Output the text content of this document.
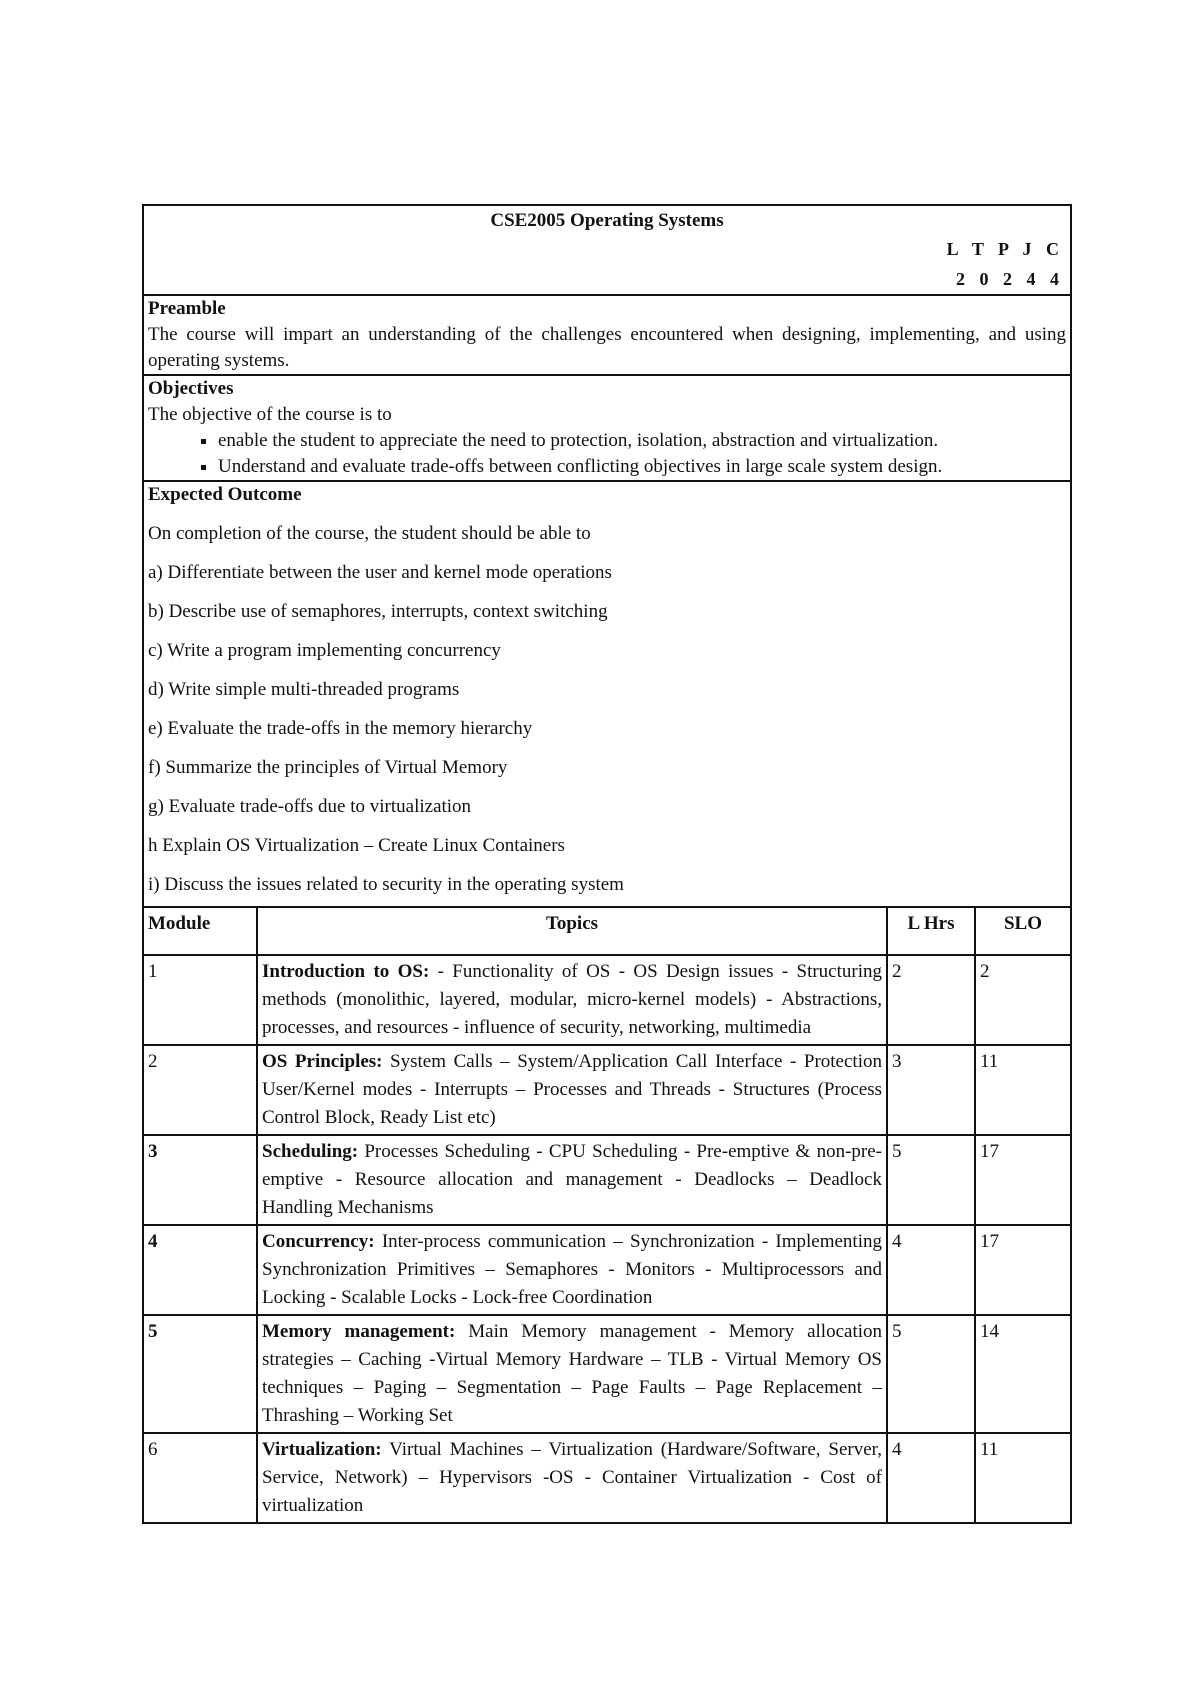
CSE2005 Operating Systems
L T P J C
2 0 2 4 4
Preamble
The course will impart an understanding of the challenges encountered when designing, implementing, and using operating systems.
Objectives
The objective of the course is to
▪ enable the student to appreciate the need to protection, isolation, abstraction and virtualization.
▪ Understand and evaluate trade-offs between conflicting objectives in large scale system design.
Expected Outcome
On completion of the course, the student should be able to
a) Differentiate between the user and kernel mode operations
b) Describe use of semaphores, interrupts, context switching
c) Write a program implementing concurrency
d) Write simple multi-threaded programs
e) Evaluate the trade-offs in the memory hierarchy
f) Summarize the principles of Virtual Memory
g) Evaluate trade-offs due to virtualization
h Explain OS Virtualization – Create Linux Containers
i) Discuss the issues related to security in the operating system
Module	Topics	L Hrs	SLO
1	Introduction to OS: - Functionality of OS - OS Design issues - Structuring methods (monolithic, layered, modular, micro-kernel models) - Abstractions, processes, and resources - influence of security, networking, multimedia	2	2
2	OS Principles: System Calls – System/Application Call Interface - Protection User/Kernel modes - Interrupts – Processes and Threads - Structures (Process Control Block, Ready List etc)	3	11
3	Scheduling: Processes Scheduling - CPU Scheduling - Pre-emptive & non-pre-emptive - Resource allocation and management - Deadlocks – Deadlock Handling Mechanisms	5	17
4	Concurrency: Inter-process communication – Synchronization - Implementing Synchronization Primitives – Semaphores - Monitors - Multiprocessors and Locking - Scalable Locks - Lock-free Coordination	4	17
5	Memory management: Main Memory management - Memory allocation strategies – Caching -Virtual Memory Hardware – TLB - Virtual Memory OS techniques – Paging – Segmentation – Page Faults – Page Replacement – Thrashing – Working Set	5	14
6	Virtualization: Virtual Machines – Virtualization (Hardware/Software, Server, Service, Network) – Hypervisors -OS - Container Virtualization - Cost of virtualization	4	11
